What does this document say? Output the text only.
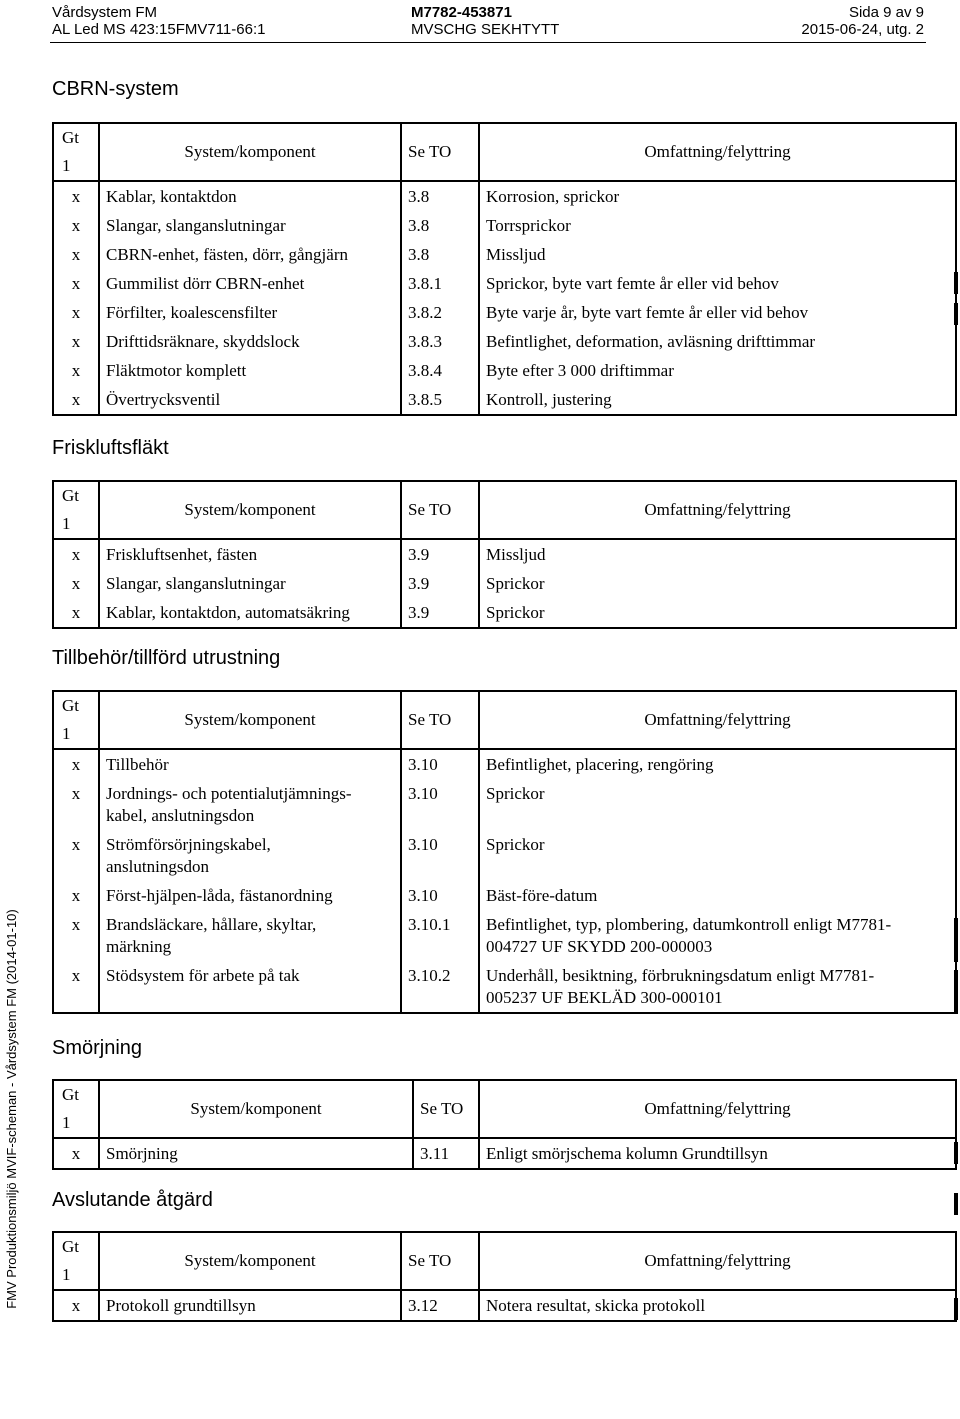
Vårdsystem FM
AL Led MS 423:15FMV711-66:1
M7782-453871
MVSCHG SEKHTYTT
Sida 9 av 9
2015-06-24, utg. 2
CBRN-system
Gt
1	System/komponent	Se TO	Omfattning/felyttring
x	Kablar, kontaktdon	3.8	Korrosion, sprickor
x	Slangar, slanganslutningar	3.8	Torrsprickor
x	CBRN-enhet, fästen, dörr, gångjärn	3.8	Missljud
x	Gummilist dörr CBRN-enhet	3.8.1	Sprickor, byte vart femte år eller vid behov
x	Förfilter, koalescensfilter	3.8.2	Byte varje år, byte vart femte år eller vid behov
x	Drifttidsräknare, skyddslock	3.8.3	Befintlighet, deformation, avläsning drifttimmar
x	Fläktmotor komplett	3.8.4	Byte efter 3 000 driftimmar
x	Övertrycksventil	3.8.5	Kontroll, justering
Friskluftsfläkt
Gt
1	System/komponent	Se TO	Omfattning/felyttring
x	Friskluftsenhet, fästen	3.9	Missljud
x	Slangar, slanganslutningar	3.9	Sprickor
x	Kablar, kontaktdon, automatsäkring	3.9	Sprickor
Tillbehör/tillförd utrustning
Gt
1	System/komponent	Se TO	Omfattning/felyttring
x	Tillbehör	3.10	Befintlighet, placering, rengöring
x	Jordnings- och potentialutjämnings-kabel, anslutningsdon	3.10	Sprickor
x	Strömförsörjningskabel, anslutningsdon	3.10	Sprickor
x	Först-hjälpen-låda, fästanordning	3.10	Bäst-före-datum
x	Brandsläckare, hållare, skyltar, märkning	3.10.1	Befintlighet, typ, plombering, datumkontroll enligt M7781-004727 UF SKYDD 200-000003
x	Stödsystem för arbete på tak	3.10.2	Underhåll, besiktning, förbrukningsdatum enligt M7781-005237 UF BEKLÄD 300-000101
Smörjning
Gt
1	System/komponent	Se TO	Omfattning/felyttring
x	Smörjning	3.11	Enligt smörjschema kolumn Grundtillsyn
Avslutande åtgärd
Gt
1	System/komponent	Se TO	Omfattning/felyttring
x	Protokoll grundtillsyn	3.12	Notera resultat, skicka protokoll
FMV Produktionsmiljö MVIF-scheman - Vårdsystem FM (2014-01-10)
